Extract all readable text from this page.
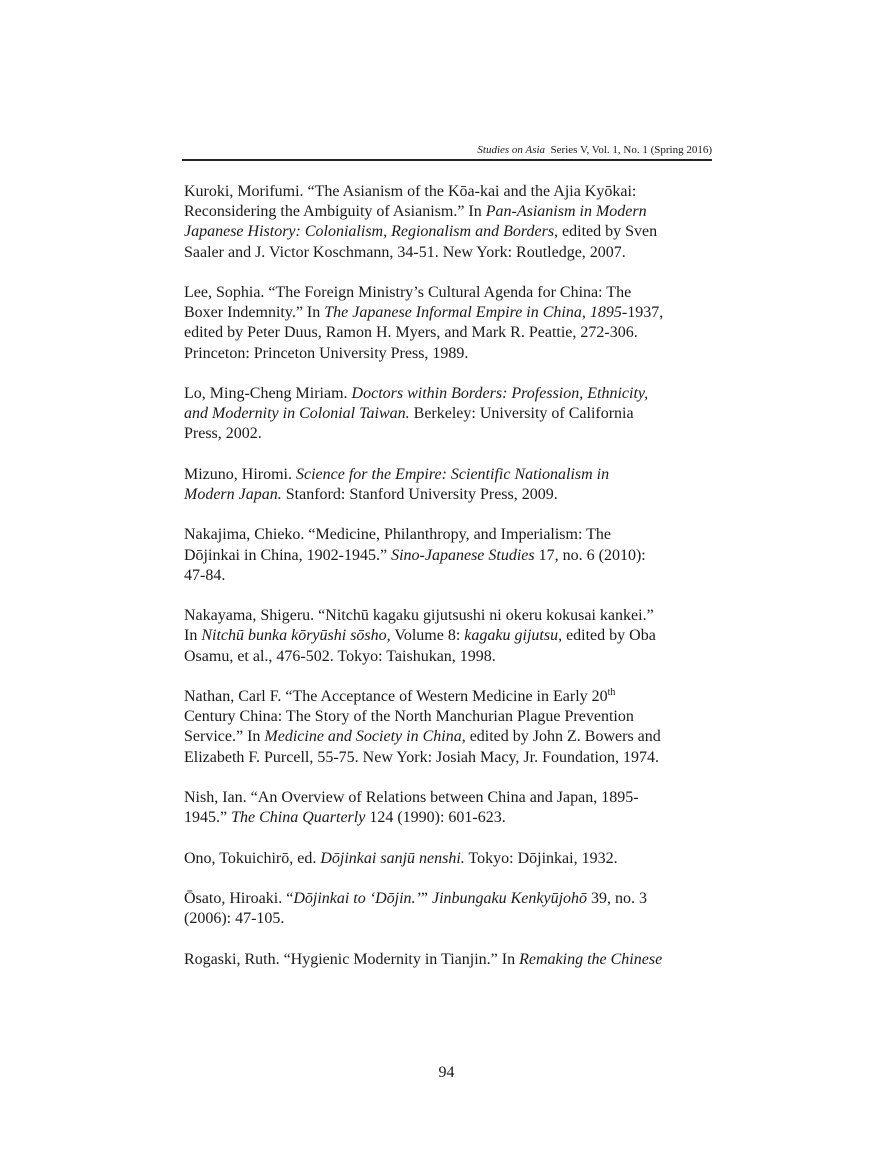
Studies on Asia Series V, Vol. 1, No. 1 (Spring 2016)
Kuroki, Morifumi. “The Asianism of the Kōa-kai and the Ajia Kyōkai:
Reconsidering the Ambiguity of Asianism.” In Pan-Asianism in Modern
Japanese History: Colonialism, Regionalism and Borders, edited by Sven
Saaler and J. Victor Koschmann, 34-51. New York: Routledge, 2007.
Lee, Sophia. “The Foreign Ministry’s Cultural Agenda for China: The
Boxer Indemnity.” In The Japanese Informal Empire in China, 1895-1937,
edited by Peter Duus, Ramon H. Myers, and Mark R. Peattie, 272-306.
Princeton: Princeton University Press, 1989.
Lo, Ming-Cheng Miriam. Doctors within Borders: Profession, Ethnicity,
and Modernity in Colonial Taiwan. Berkeley: University of California
Press, 2002.
Mizuno, Hiromi. Science for the Empire: Scientific Nationalism in
Modern Japan. Stanford: Stanford University Press, 2009.
Nakajima, Chieko. “Medicine, Philanthropy, and Imperialism: The
Dōjinkai in China, 1902-1945.” Sino-Japanese Studies 17, no. 6 (2010):
47-84.
Nakayama, Shigeru. “Nitchū kagaku gijutsushi ni okeru kokusai kankei.”
In Nitchū bunka kōryūshi sōsho, Volume 8: kagaku gijutsu, edited by Oba
Osamu, et al., 476-502. Tokyo: Taishukan, 1998.
Nathan, Carl F. “The Acceptance of Western Medicine in Early 20th
Century China: The Story of the North Manchurian Plague Prevention
Service.” In Medicine and Society in China, edited by John Z. Bowers and
Elizabeth F. Purcell, 55-75. New York: Josiah Macy, Jr. Foundation, 1974.
Nish, Ian. “An Overview of Relations between China and Japan, 1895-
1945.” The China Quarterly 124 (1990): 601-623.
Ono, Tokuichirō, ed. Dōjinkai sanjū nenshi. Tokyo: Dōjinkai, 1932.
Ōsato, Hiroaki. “Dōjinkai to ‘Dōjin.’” Jinbungaku Kenkyūjohō 39, no. 3
(2006): 47-105.
Rogaski, Ruth. “Hygienic Modernity in Tianjin.” In Remaking the Chinese
94
